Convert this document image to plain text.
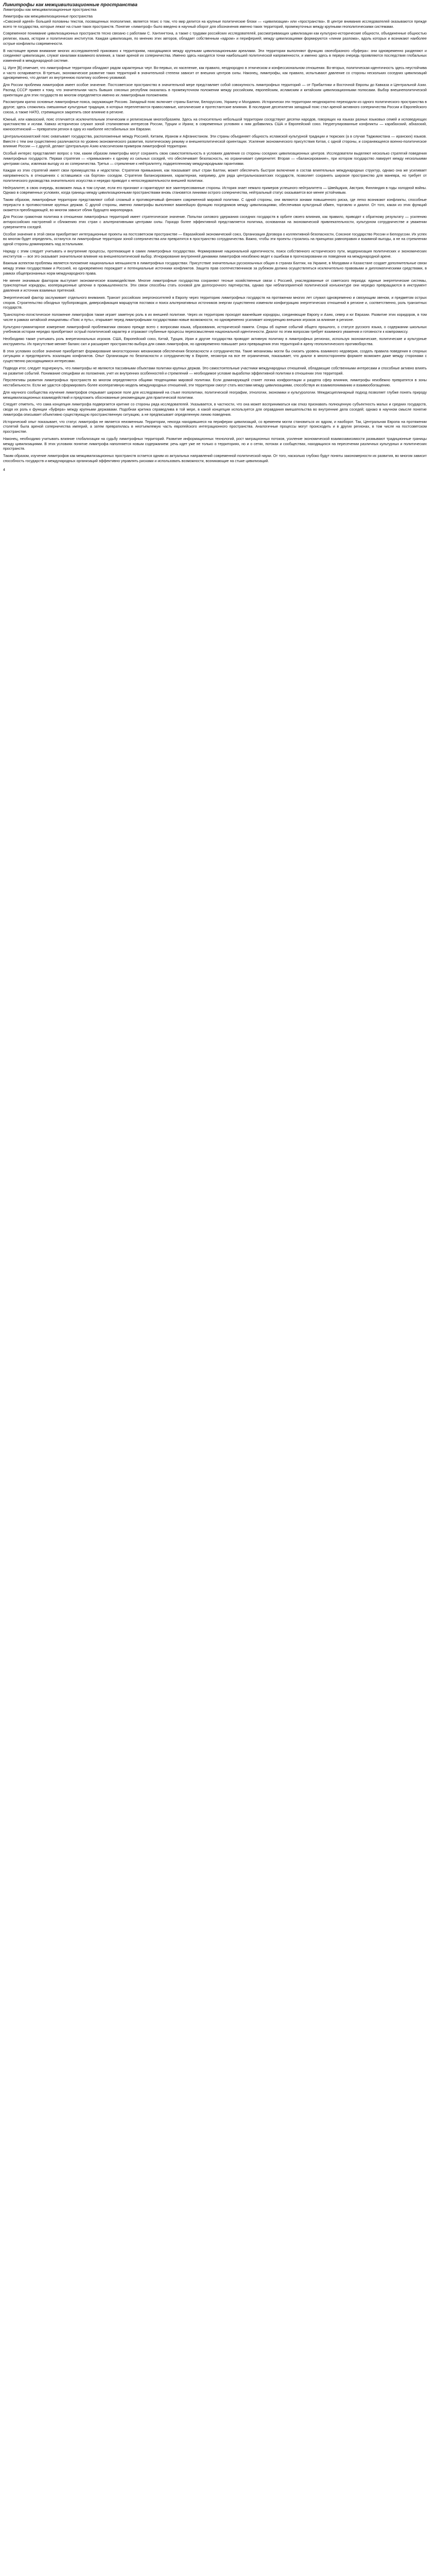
Лимитрофы как межцивилизационные пространства

Лимитрофы как межцивилизационные пространства

Лимитрофы как межцивилизационные пространства
«Сквозной идеей» большей половины текстов, посвященных геополитике, является тезис о том, что мир делится на крупные политические блоки — «цивилизации» или «пространства». В центре внимания исследователей оказываются прежде всего те государства, которые лежат на стыке таких пространств. Понятие «лимитроф» было введено в научный оборот для обозначения именно таких территорий, промежуточных между крупными геополитическими системами.

Современное понимание цивилизационных пространств тесно связано с работами С. Хантингтона, а также с трудами российских исследователей, рассматривающих цивилизации как культурно-исторические общности, объединенные общностью религии, языка, истории и политических институтов. Каждая цивилизация, по мнению этих авторов, обладает собственным «ядром» и периферией; между цивилизациями формируются «линии разлома», вдоль которых и возникают наиболее острые конфликты современности.

В настоящее время внимание многих исследователей приковано к территориям, находящимся между крупными цивилизационными ареалами. Эти территории выполняют функцию своеобразного «буфера»: они одновременно разделяют и соединяют цивилизации, служат каналами взаимного влияния, а также ареной их соперничества. Именно здесь находятся точки наибольшей политической напряженности, и именно здесь в первую очередь проявляются последствия глобальных изменений в международной системе.

Ц. Ирте [В] отмечает, что лимитрофные территории обладают рядом характерных черт. Во-первых, их население, как правило, неоднородно в этническом и конфессиональном отношении. Во-вторых, политическая идентичность здесь неустойчива и часто оспаривается. В-третьих, экономическое развитие таких территорий в значительной степени зависит от внешних центров силы. Наконец, лимитрофы, как правило, испытывают давление со стороны нескольких соседних цивилизаций одновременно, что делает их внутреннюю политику особенно уязвимой.

Для России проблема лимитрофов имеет особое значение. Постсоветское пространство в значительной мере представляет собой совокупность лимитрофных территорий — от Прибалтики и Восточной Европы до Кавказа и Центральной Азии. Распад СССР привел к тому, что значительная часть бывших союзных республик оказалась в промежуточном положении между российским, европейским, исламским и китайским цивилизационными полюсами. Выбор внешнеполитической ориентации для этих государств во многом определяется именно их лимитрофным положением.

Рассмотрим кратко основные лимитрофные пояса, окружающие Россию. Западный пояс включает страны Балтии, Белоруссию, Украину и Молдавию. Исторически эти территории неоднократно переходили из одного политического пространства в другое; здесь сложились смешанные культурные традиции, в которых переплетаются православные, католические и протестантские влияния. В последние десятилетия западный пояс стал ареной активного соперничества России и Европейского союза, а также НАТО, стремящихся закрепить свое влияние в регионе.

Южный, или кавказский, пояс отличается исключительным этническим и религиозным многообразием. Здесь на относительно небольшой территории соседствуют десятки народов, говорящих на языках разных языковых семей и исповедующих христианство и ислам. Кавказ исторически служил зоной столкновения интересов России, Турции и Ирана; в современных условиях к ним добавились США и Европейский союз. Неурегулированные конфликты — карабахский, абхазский, южноосетинский — превратили регион в одну из наиболее нестабильных зон Евразии.

Центральноазиатский пояс охватывает государства, расположенные между Россией, Китаем, Ираном и Афганистаном. Эти страны объединяет общность исламской культурной традиции и тюркских (а в случае Таджикистана — иранских) языков. Вместе с тем они существенно различаются по уровню экономического развития, политическому режиму и внешнеполитической ориентации. Усиление экономического присутствия Китая, с одной стороны, и сохраняющееся военно-политическое влияние России — с другой, делают Центральную Азию классическим примером лимитрофной территории.

Особый интерес представляет вопрос о том, каким образом лимитрофы могут сохранять свою самостоятельность в условиях давления со стороны соседних цивилизационных центров. Исследователи выделяют несколько стратегий поведения лимитрофных государств. Первая стратегия — «примыкание» к одному из сильных соседей, что обеспечивает безопасность, но ограничивает суверенитет. Вторая — «балансирование», при котором государство лавирует между несколькими центрами силы, извлекая выгоду из их соперничества. Третья — стремление к нейтралитету, подкрепленному международными гарантиями.

Каждая из этих стратегий имеет свои преимущества и недостатки. Стратегия примыкания, как показывает опыт стран Балтии, может обеспечить быстрое включение в состав влиятельных международных структур, однако она же усиливает напряженность в отношениях с оставшимся «за бортом» соседом. Стратегия балансирования, характерная, например, для ряда центральноазиатских государств, позволяет сохранять широкое пространство для маневра, но требует от политического руководства значительного искусства и нередко приводит к непоследовательности внешней политики.

Нейтралитет, в свою очередь, возможен лишь в том случае, если его признают и гарантируют все заинтересованные стороны. История знает немало примеров успешного нейтралитета — Швейцария, Австрия, Финляндия в годы холодной войны. Однако в современных условиях, когда границы между цивилизационными пространствами вновь становятся линиями острого соперничества, нейтральный статус оказывается все менее устойчивым.

Таким образом, лимитрофные территории представляют собой сложный и противоречивый феномен современной мировой политики. С одной стороны, они являются зонами повышенного риска, где легко возникают конфликты, способные перерасти в противостояние крупных держав. С другой стороны, именно лимитрофы выполняют важнейшую функцию посредников между цивилизациями, обеспечивая культурный обмен, торговлю и диалог. От того, какая из этих функций окажется преобладающей, во многом зависит облик будущего миропорядка.

Для России грамотная политика в отношении лимитрофных территорий имеет стратегическое значение. Попытки силового удержания соседних государств в орбите своего влияния, как правило, приводят к обратному результату — усилению антироссийских настроений и сближению этих стран с альтернативными центрами силы. Гораздо более эффективной представляется политика, основанная на экономической привлекательности, культурном сотрудничестве и уважении суверенитета соседей.

Особое значение в этой связи приобретают интеграционные проекты на постсоветском пространстве — Евразийский экономический союз, Организация Договора о коллективной безопасности, Союзное государство России и Белоруссии. Их успех во многом будет определять, останутся ли лимитрофные территории зоной соперничества или превратятся в пространство сотрудничества. Важно, чтобы эти проекты строились на принципах равноправия и взаимной выгоды, а не на стремлении одной стороны доминировать над остальными.

Наряду с этим следует учитывать и внутренние процессы, протекающие в самих лимитрофных государствах. Формирование национальной идентичности, поиск собственного исторического пути, модернизация политических и экономических институтов — все это оказывает значительное влияние на внешнеполитический выбор. Игнорирование внутренней динамики лимитрофов неизбежно ведет к ошибкам в прогнозировании их поведения на международной арене.

Важным аспектом проблемы является положение национальных меньшинств в лимитрофных государствах. Присутствие значительных русскоязычных общин в странах Балтии, на Украине, в Молдавии и Казахстане создает дополнительные связи между этими государствами и Россией, но одновременно порождает и потенциальные источники конфликтов. Защита прав соотечественников за рубежом должна осуществляться исключительно правовыми и дипломатическими средствами, в рамках общепризнанных норм международного права.

Не менее значимым фактором выступает экономическое взаимодействие. Многие лимитрофные государства сохраняют тесные хозяйственные связи с Россией, унаследованные от советского периода: единые энергетические системы, транспортные коридоры, кооперационные цепочки в промышленности. Эти связи способны стать основой для долгосрочного партнерства, однако при неблагоприятной политической конъюнктуре они нередко превращаются в инструмент давления и источник взаимных претензий.

Энергетический фактор заслуживает отдельного внимания. Транзит российских энергоносителей в Европу через территорию лимитрофных государств на протяжении многих лет служил одновременно и связующим звеном, и предметом острых споров. Строительство обходных трубопроводов, диверсификация маршрутов поставок и поиск альтернативных источников энергии существенно изменили конфигурацию энергетических отношений в регионе и, соответственно, роль транзитных государств.

Транспортно-логистическое положение лимитрофов также играет заметную роль в их внешней политике. Через их территорию проходят важнейшие коридоры, соединяющие Европу и Азию, север и юг Евразии. Развитие этих коридоров, в том числе в рамках китайской инициативы «Пояс и путь», открывает перед лимитрофными государствами новые возможности, но одновременно усиливает конкуренцию внешних игроков за влияние в регионе.

Культурно-гуманитарное измерение лимитрофной проблематики связано прежде всего с вопросами языка, образования, исторической памяти. Споры об оценке событий общего прошлого, о статусе русского языка, о содержании школьных учебников истории нередко приобретают острый политический характер и отражают глубинные процессы переосмысления национальной идентичности. Диалог по этим вопросам требует взаимного уважения и готовности к компромиссу.

Необходимо также учитывать роль внерегиональных игроков. США, Европейский союз, Китай, Турция, Иран и другие государства проводят активную политику в лимитрофных регионах, используя экономические, политические и культурные инструменты. Их присутствие меняет баланс сил и расширяет пространство выбора для самих лимитрофов, но одновременно повышает риск превращения этих территорий в арену геополитического противоборства.

В этих условиях особое значение приобретает формирование многосторонних механизмов обеспечения безопасности и сотрудничества. Такие механизмы могли бы снизить уровень взаимного недоверия, создать правила поведения в спорных ситуациях и предотвратить эскалацию конфликтов. Опыт Организации по безопасности и сотрудничеству в Европе, несмотря на все ее ограничения, показывает, что диалог в многостороннем формате возможен даже между сторонами с существенно расходящимися интересами.

Подводя итог, следует подчеркнуть, что лимитрофы не являются пассивными объектами политики крупных держав. Это самостоятельные участники международных отношений, обладающие собственными интересами и способные активно влиять на развитие событий. Понимание специфики их положения, учет их внутренних особенностей и стремлений — необходимое условие выработки эффективной политики в отношении этих территорий.

Перспективы развития лимитрофных пространств во многом определяются общими тенденциями мировой политики. Если доминирующей станет логика конфронтации и раздела сфер влияния, лимитрофы неизбежно превратятся в зоны нестабильности. Если же удастся сформировать более кооперативную модель международных отношений, эти территории смогут стать мостами между цивилизациями, способствуя их взаимопониманию и взаимообогащению.

Для научного сообщества изучение лимитрофов открывает широкое поле для исследований на стыке геополитики, политической географии, этнологии, экономики и культурологии. Междисциплинарный подход позволяет глубже понять природу межцивилизационных взаимодействий и предложить обоснованные рекомендации для практической политики.

Следует отметить, что сама концепция лимитрофа подвергается критике со стороны ряда исследователей. Указывается, в частности, что она может восприниматься как отказ признавать полноценную субъектность малых и средних государств, сводя их роль к функции «буфера» между крупными державами. Подобная критика справедлива в той мере, в какой концепция используется для оправдания вмешательства во внутренние дела соседей; однако в научном смысле понятие лимитрофа описывает объективно существующую пространственную ситуацию, а не предписывает определенную линию поведения.

Исторический опыт показывает, что статус лимитрофа не является неизменным. Территории, некогда находившиеся на периферии цивилизаций, со временем могли становиться их ядром, и наоборот. Так, Центральная Европа на протяжении столетий была ареной соперничества империй, а затем превратилась в неотъемлемую часть европейского интеграционного пространства. Аналогичные процессы могут происходить и в других регионах, в том числе на постсоветском пространстве.

Наконец, необходимо учитывать влияние глобализации на судьбу лимитрофных территорий. Развитие информационных технологий, рост миграционных потоков, усиление экономической взаимозависимости размывают традиционные границы между цивилизациями. В этих условиях понятие лимитрофа наполняется новым содержанием: речь идет уже не только о территориях, но и о сетях, потоках и сообществах, находящихся на пересечении различных культурных и политических пространств.

Таким образом, изучение лимитрофов как межцивилизационных пространств остается одним из актуальных направлений современной политической науки. От того, насколько глубоко будут поняты закономерности их развития, во многом зависит способность государств и международных организаций эффективно управлять рисками и использовать возможности, возникающие на стыке цивилизаций.

4
